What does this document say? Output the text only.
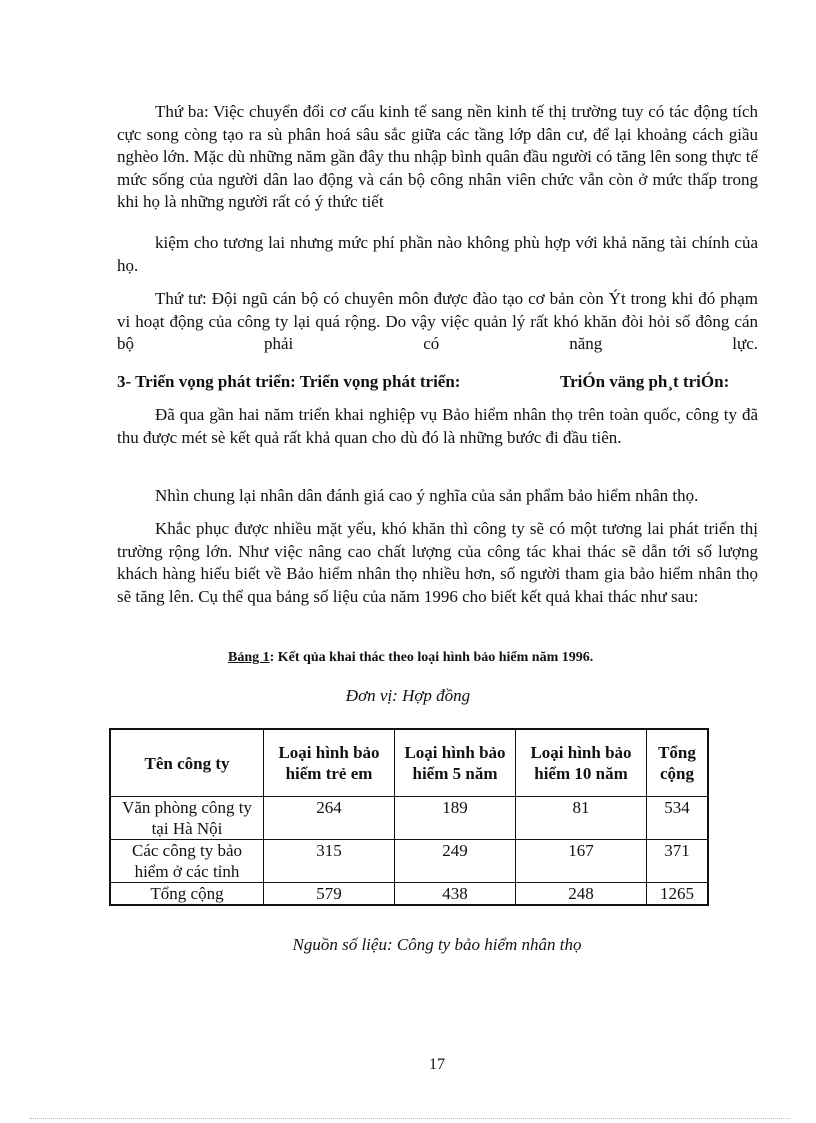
Thứ ba: Việc chuyển đổi cơ cấu kinh tế sang nền kinh tế thị trường tuy có tác động tích cực song còng tạo ra sù phân hoá sâu sắc giữa các tầng lớp dân cư, để lại khoảng cách giầu nghèo lớn. Mặc dù những năm gần đây thu nhập bình quân đầu người có tăng lên song thực tế mức sống của người dân lao động và cán bộ công nhân viên chức vẫn còn ở mức thấp trong khi họ là những người rất có ý thức tiết

kiệm cho tương lai nhưng mức phí phần nào không phù hợp với khả năng tài chính của họ.

Thứ tư: Đội ngũ cán bộ có chuyên môn được đào tạo cơ bản còn Ýt trong khi đó phạm vi hoạt động của công ty lại quá rộng. Do vậy việc quản lý rất khó khăn đòi hỏi số đông cán bộ phải có năng lực.

3- Triển vọng phát triển: Triển vọng phát triển:	TriÓn väng ph¸t triÓn:

Đã qua gần hai năm triển khai nghiệp vụ Bảo hiểm nhân thọ trên toàn quốc, công ty đã thu được mét sè kết quả rất khả quan cho dù đó là những bước đi đầu tiên.

Nhìn chung lại nhân dân đánh giá cao ý nghĩa của sản phẩm bảo hiểm nhân thọ.

Khắc phục được nhiều mặt yếu, khó khăn thì công ty sẽ có một tương lai phát triển thị trường rộng lớn. Như việc nâng cao chất lượng của công tác khai thác sẽ dẫn tới số lượng khách hàng hiểu biết về Bảo hiểm nhân thọ nhiều hơn, số người tham gia bảo hiểm nhân thọ sẽ tăng lên. Cụ thể qua bảng số liệu của năm 1996 cho biết kết quả khai thác như sau:

Bảng 1: Kết qủa khai thác theo loại hình bảo hiểm năm 1996.
Đơn vị: Hợp đồng
Tên công ty	Loại hình bảo hiểm trẻ em	Loại hình bảo hiểm 5 năm	Loại hình bảo hiểm 10 năm	Tổng cộng
Văn phòng công ty tại Hà Nội	264	189	81	534
Các công ty bảo hiểm ở các tỉnh	315	249	167	371
Tổng cộng	579	438	248	1265
Nguồn số liệu: Công ty bảo hiểm nhân thọ
17
